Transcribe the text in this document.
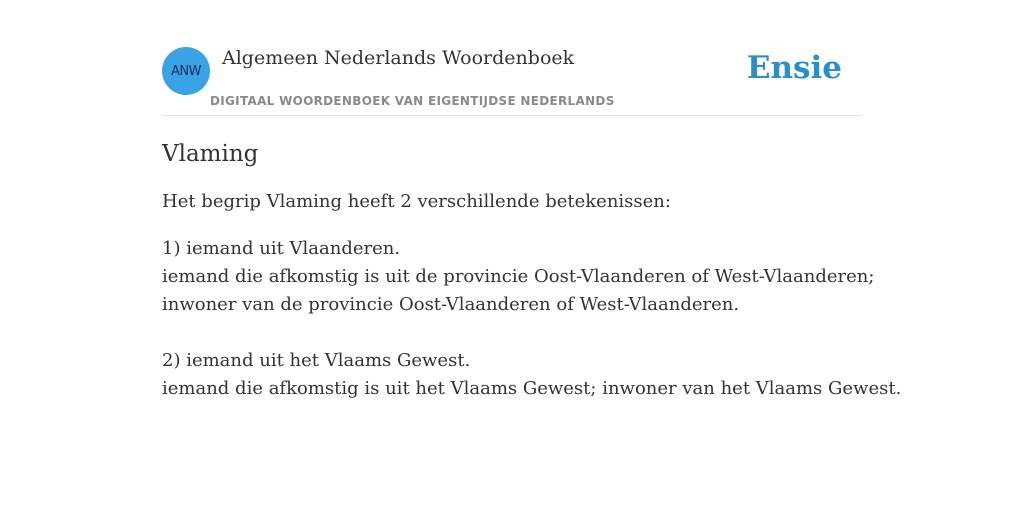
ANW
Algemeen Nederlands Woordenboek
DIGITAAL WOORDENBOEK VAN EIGENTIJDSE NEDERLANDS
Ensie
Vlaming
Het begrip Vlaming heeft 2 verschillende betekenissen:
1) iemand uit Vlaanderen.
iemand die afkomstig is uit de provincie Oost-Vlaanderen of West-Vlaanderen;
inwoner van de provincie Oost-Vlaanderen of West-Vlaanderen.
2) iemand uit het Vlaams Gewest.
iemand die afkomstig is uit het Vlaams Gewest; inwoner van het Vlaams Gewest.
